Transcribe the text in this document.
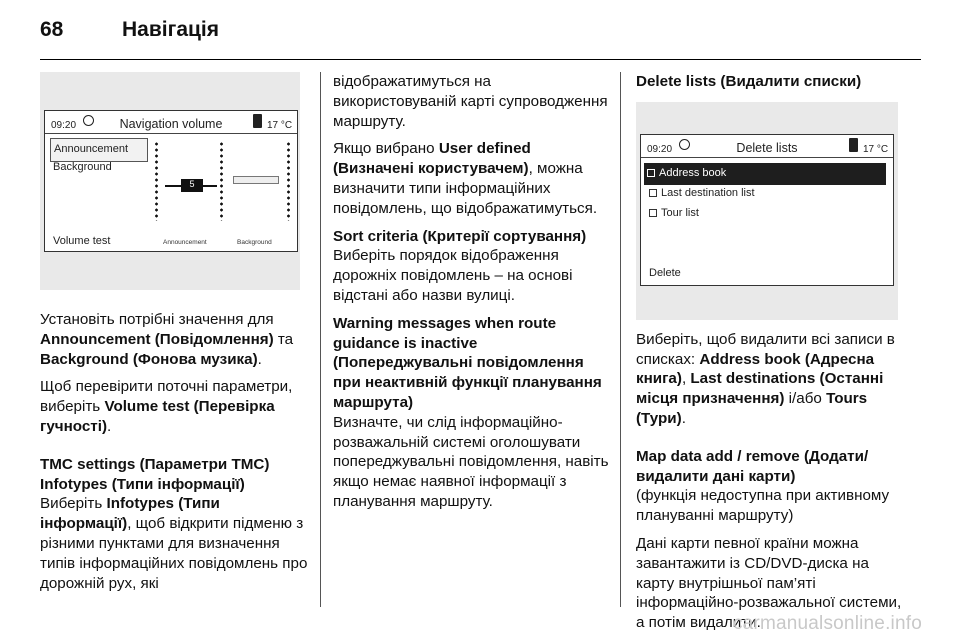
68	Навігація
09:20	Navigation volume	17 °C
Announcement
Background
Volume test
5
Announcement	Background

Установіть потрібні значення для Announcement (Повідомлення) та Background (Фонова музика).

Щоб перевірити поточні параметри, виберіть Volume test (Перевірка гучності).

TMC settings (Параметри TMC)
Infotypes (Типи інформації)

Виберіть Infotypes (Типи інформації), щоб відкрити підменю з різними пунктами для визначення типів інформаційних повідомлень про дорожній рух, які

відображатимуться на використовуваній карті супроводження маршруту.

Якщо вибрано User defined (Визначені користувачем), можна визначити типи інформаційних повідомлень, що відображатимуться.

Sort criteria (Критерії сортування)

Виберіть порядок відображення дорожніх повідомлень – на основі відстані або назви вулиці.

Warning messages when route guidance is inactive (Попереджувальні повідомлення при неактивній функції планування маршрута)

Визначте, чи слід інформаційно-розважальній системі оголошувати попереджувальні повідомлення, навіть якщо немає наявної інформації з планування маршруту.

Delete lists (Видалити списки)
09:20	Delete lists	17 °C
Address book
Last destination list
Tour list
Delete

Виберіть, щоб видалити всі записи в списках: Address book (Адресна книга), Last destinations (Останні місця призначення) і/або Tours (Тури).

Map data add / remove (Додати/видалити дані карти)

(функція недоступна при активному плануванні маршруту)

Дані карти певної країни можна завантажити із CD/DVD-диска на карту внутрішньої пам’яті інформаційно-розважальної системи, а потім видалити.

carmanualsonline.info
